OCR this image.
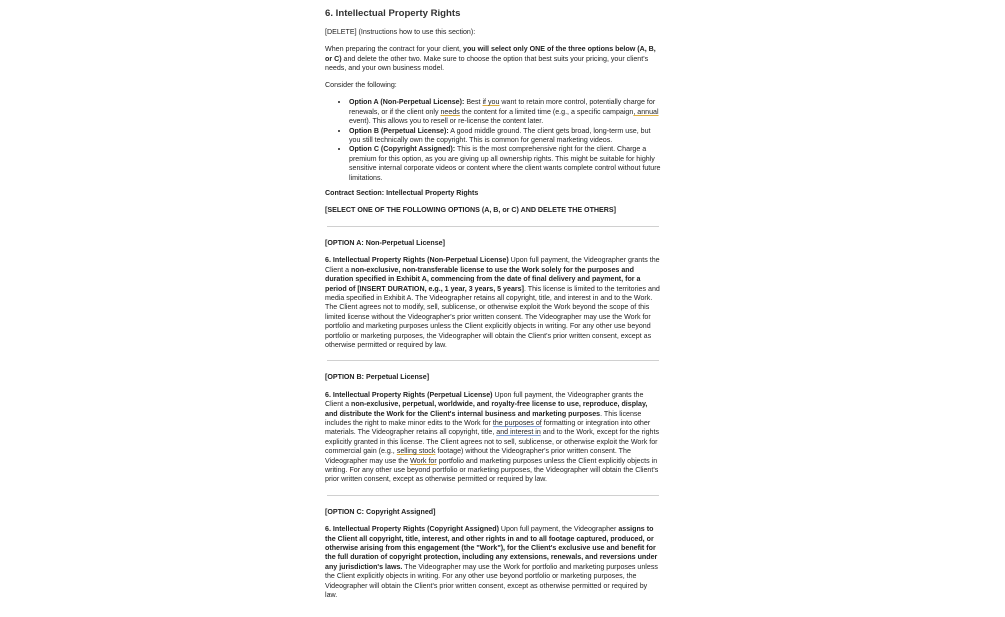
6. Intellectual Property Rights

[DELETE] (Instructions how to use this section):

When preparing the contract for your client, you will select only ONE of the three options below (A, B, or C) and delete the other two. Make sure to choose the option that best suits your pricing, your client's needs, and your own business model.

Consider the following:

• Option A (Non-Perpetual License): Best if you want to retain more control, potentially charge for renewals, or if the client only needs the content for a limited time (e.g., a specific campaign, annual event). This allows you to resell or re-license the content later.
• Option B (Perpetual License): A good middle ground. The client gets broad, long-term use, but you still technically own the copyright. This is common for general marketing videos.
• Option C (Copyright Assigned): This is the most comprehensive right for the client. Charge a premium for this option, as you are giving up all ownership rights. This might be suitable for highly sensitive internal corporate videos or content where the client wants complete control without future limitations.
Contract Section: Intellectual Property Rights
[SELECT ONE OF THE FOLLOWING OPTIONS (A, B, or C) AND DELETE THE OTHERS]
[OPTION A: Non-Perpetual License]

6. Intellectual Property Rights (Non-Perpetual License) Upon full payment, the Videographer grants the Client a non-exclusive, non-transferable license to use the Work solely for the purposes and duration specified in Exhibit A, commencing from the date of final delivery and payment, for a period of [INSERT DURATION, e.g., 1 year, 3 years, 5 years]. This license is limited to the territories and media specified in Exhibit A. The Videographer retains all copyright, title, and interest in and to the Work. The Client agrees not to modify, sell, sublicense, or otherwise exploit the Work beyond the scope of this limited license without the Videographer's prior written consent. The Videographer may use the Work for portfolio and marketing purposes unless the Client explicitly objects in writing. For any other use beyond portfolio or marketing purposes, the Videographer will obtain the Client's prior written consent, except as otherwise permitted or required by law.

[OPTION B: Perpetual License]

6. Intellectual Property Rights (Perpetual License) Upon full payment, the Videographer grants the Client a non-exclusive, perpetual, worldwide, and royalty-free license to use, reproduce, display, and distribute the Work for the Client's internal business and marketing purposes. This license includes the right to make minor edits to the Work for the purposes of formatting or integration into other materials. The Videographer retains all copyright, title, and interest in and to the Work, except for the rights explicitly granted in this license. The Client agrees not to sell, sublicense, or otherwise exploit the Work for commercial gain (e.g., selling stock footage) without the Videographer's prior written consent. The Videographer may use the Work for portfolio and marketing purposes unless the Client explicitly objects in writing. For any other use beyond portfolio or marketing purposes, the Videographer will obtain the Client's prior written consent, except as otherwise permitted or required by law.

[OPTION C: Copyright Assigned]

6. Intellectual Property Rights (Copyright Assigned) Upon full payment, the Videographer assigns to the Client all copyright, title, interest, and other rights in and to all footage captured, produced, or otherwise arising from this engagement (the "Work"), for the Client's exclusive use and benefit for the full duration of copyright protection, including any extensions, renewals, and reversions under any jurisdiction's laws. The Videographer may use the Work for portfolio and marketing purposes unless the Client explicitly objects in writing. For any other use beyond portfolio or marketing purposes, the Videographer will obtain the Client's prior written consent, except as otherwise permitted or required by law.
